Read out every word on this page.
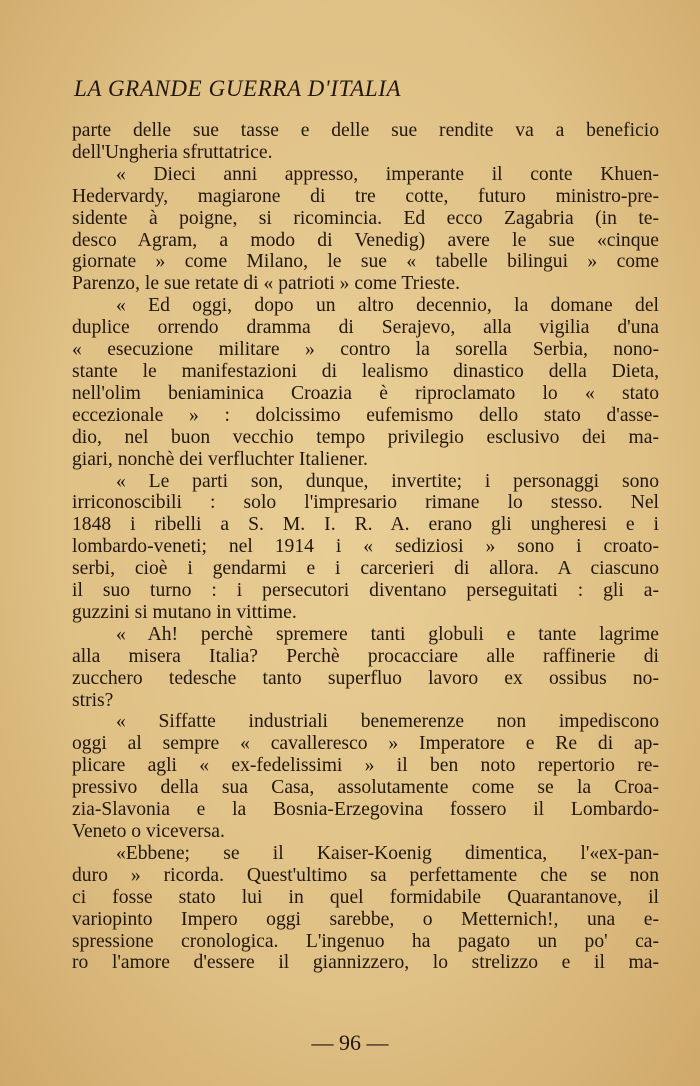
LA GRANDE GUERRA D'ITALIA
parte delle sue tasse e delle sue rendite va a beneficio
dell'Ungheria sfruttatrice.
« Dieci anni appresso, imperante il conte Khuen-
Hedervardy, magiarone di tre cotte, futuro ministro-pre-
sidente à poigne, si ricomincia. Ed ecco Zagabria (in te-
desco Agram, a modo di Venedig) avere le sue «cinque
giornate » come Milano, le sue « tabelle bilingui » come
Parenzo, le sue retate di « patrioti » come Trieste.
« Ed oggi, dopo un altro decennio, la domane del
duplice orrendo dramma di Serajevo, alla vigilia d'una
« esecuzione militare » contro la sorella Serbia, nono-
stante le manifestazioni di lealismo dinastico della Dieta,
nell'olim beniaminica Croazia è riproclamato lo « stato
eccezionale » : dolcissimo eufemismo dello stato d'asse-
dio, nel buon vecchio tempo privilegio esclusivo dei ma-
giari, nonchè dei verfluchter Italiener.
« Le parti son, dunque, invertite; i personaggi sono
irriconoscibili : solo l'impresario rimane lo stesso. Nel
1848 i ribelli a S. M. I. R. A. erano gli ungheresi e i
lombardo-veneti; nel 1914 i « sediziosi » sono i croato-
serbi, cioè i gendarmi e i carcerieri di allora. A ciascuno
il suo turno : i persecutori diventano perseguitati : gli a-
guzzini si mutano in vittime.
« Ah! perchè spremere tanti globuli e tante lagrime
alla misera Italia? Perchè procacciare alle raffinerie di
zucchero tedesche tanto superfluo lavoro ex ossibus no-
stris?
« Siffatte industriali benemerenze non impediscono
oggi al sempre « cavalleresco » Imperatore e Re di ap-
plicare agli « ex-fedelissimi » il ben noto repertorio re-
pressivo della sua Casa, assolutamente come se la Croa-
zia-Slavonia e la Bosnia-Erzegovina fossero il Lombardo-
Veneto o viceversa.
«Ebbene; se il Kaiser-Koenig dimentica, l'«ex-pan-
duro » ricorda. Quest'ultimo sa perfettamente che se non
ci fosse stato lui in quel formidabile Quarantanove, il
variopinto Impero oggi sarebbe, o Metternich!, una e-
spressione cronologica. L'ingenuo ha pagato un po' ca-
ro l'amore d'essere il giannizzero, lo strelizzo e il ma-
— 96 —
